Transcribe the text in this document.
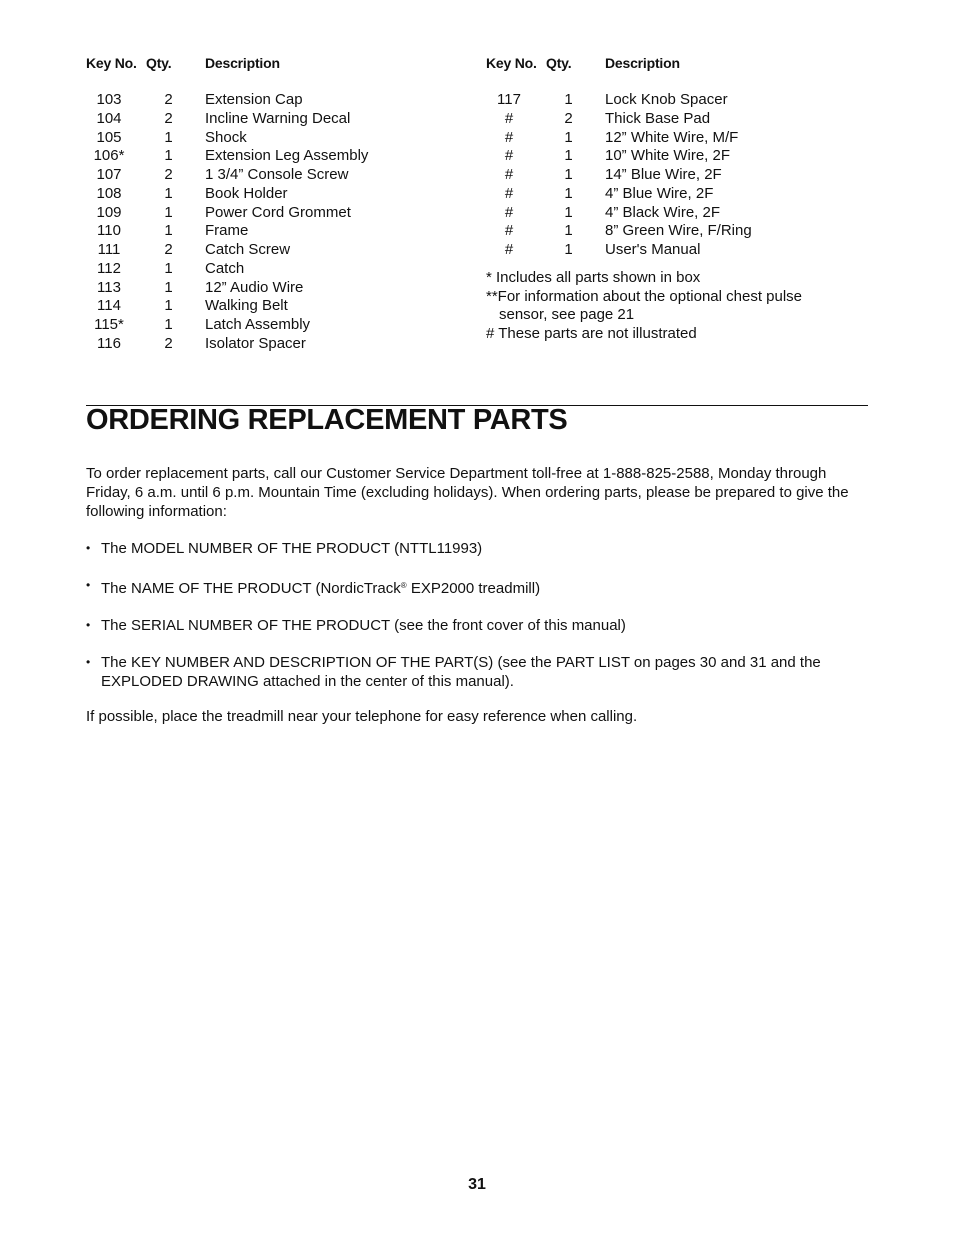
Key No. Qty.	Description
103	2	Extension Cap
104	2	Incline Warning Decal
105	1	Shock
106*	1	Extension Leg Assembly
107	2	1 3/4” Console Screw
108	1	Book Holder
109	1	Power Cord Grommet
110	1	Frame
111	2	Catch Screw
112	1	Catch
113	1	12” Audio Wire
114	1	Walking Belt
115*	1	Latch Assembly
116	2	Isolator Spacer
Key No. Qty.	Description
117	1	Lock Knob Spacer
#	2	Thick Base Pad
#	1	12” White Wire, M/F
#	1	10” White Wire, 2F
#	1	14” Blue Wire, 2F
#	1	4” Blue Wire, 2F
#	1	4” Black Wire, 2F
#	1	8” Green Wire, F/Ring
#	1	User's Manual
* Includes all parts shown in box
**For information about the optional chest pulse
sensor, see page 21
# These parts are not illustrated
ORDERING REPLACEMENT PARTS

To order replacement parts, call our Customer Service Department toll-free at 1-888-825-2588, Monday through Friday, 6 a.m. until 6 p.m. Mountain Time (excluding holidays). When ordering parts, please be prepared to give the following information:

• The MODEL NUMBER OF THE PRODUCT (NTTL11993)
• The NAME OF THE PRODUCT (NordicTrack® EXP2000 treadmill)
• The SERIAL NUMBER OF THE PRODUCT (see the front cover of this manual)
• The KEY NUMBER AND DESCRIPTION OF THE PART(S) (see the PART LIST on pages 30 and 31 and the EXPLODED DRAWING attached in the center of this manual).

If possible, place the treadmill near your telephone for easy reference when calling.

31
